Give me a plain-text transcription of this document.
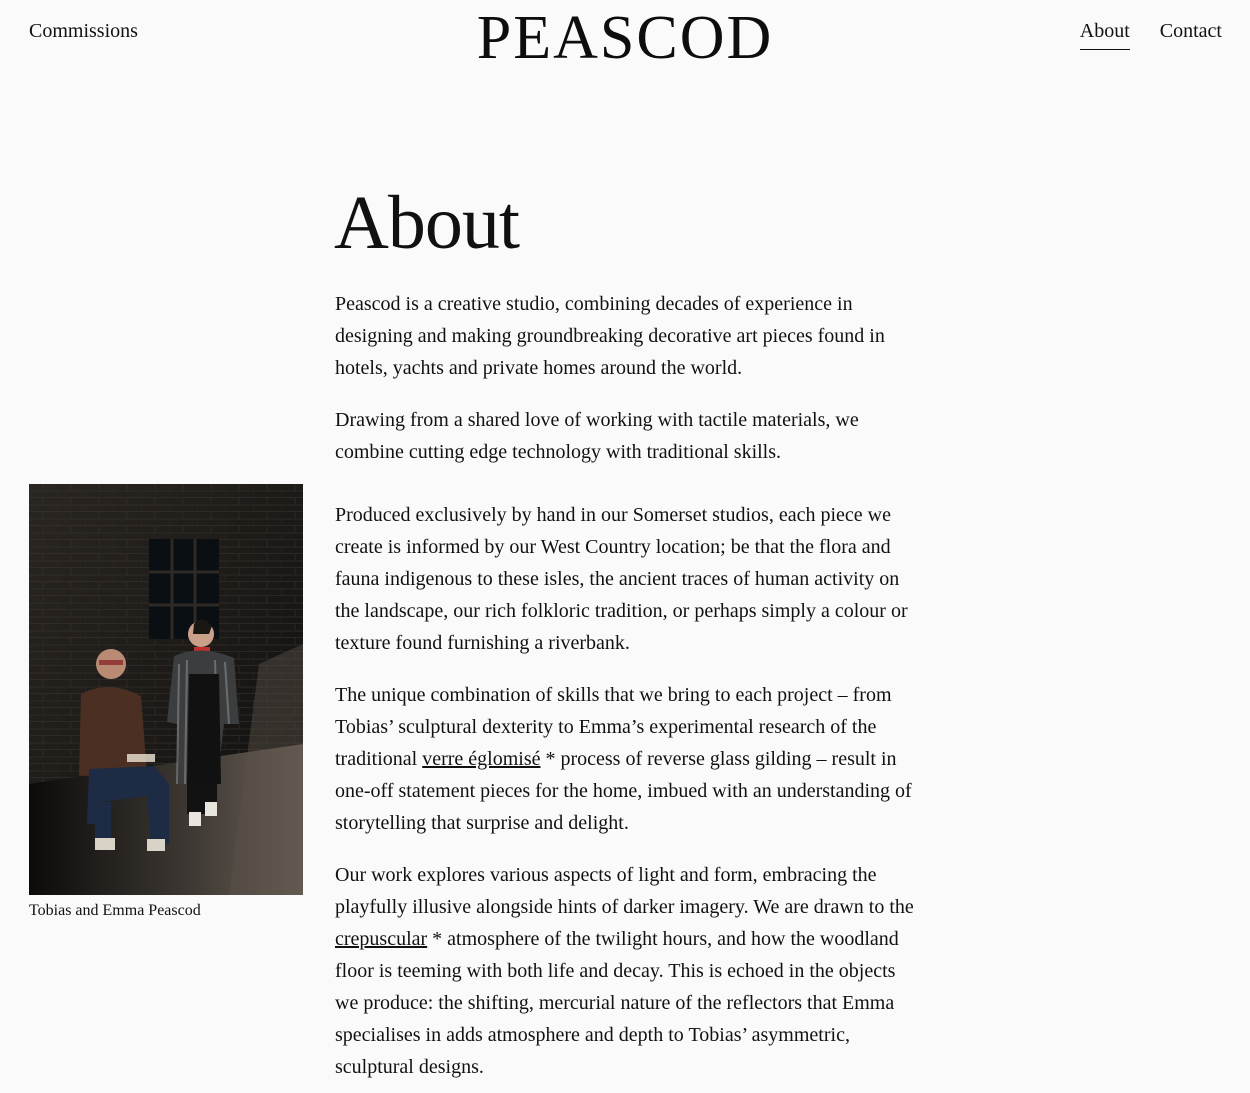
Commissions	PEASCOD	About Contact
About
Tobias and Emma Peascod

Peascod is a creative studio, combining decades of experience in designing and making groundbreaking decorative art pieces found in hotels, yachts and private homes around the world.

Drawing from a shared love of working with tactile materials, we combine cutting edge technology with traditional skills.

Produced exclusively by hand in our Somerset studios, each piece we create is informed by our West Country location; be that the flora and fauna indigenous to these isles, the ancient traces of human activity on the landscape, our rich folkloric tradition, or perhaps simply a colour or texture found furnishing a riverbank.

The unique combination of skills that we bring to each project – from Tobias’ sculptural dexterity to Emma’s experimental research of the traditional verre églomisé * process of reverse glass gilding – result in one-off statement pieces for the home, imbued with an understanding of storytelling that surprise and delight.

Our work explores various aspects of light and form, embracing the playfully illusive alongside hints of darker imagery. We are drawn to the crepuscular * atmosphere of the twilight hours, and how the woodland floor is teeming with both life and decay. This is echoed in the objects we produce: the shifting, mercurial nature of the reflectors that Emma specialises in adds atmosphere and depth to Tobias’ asymmetric, sculptural designs.
